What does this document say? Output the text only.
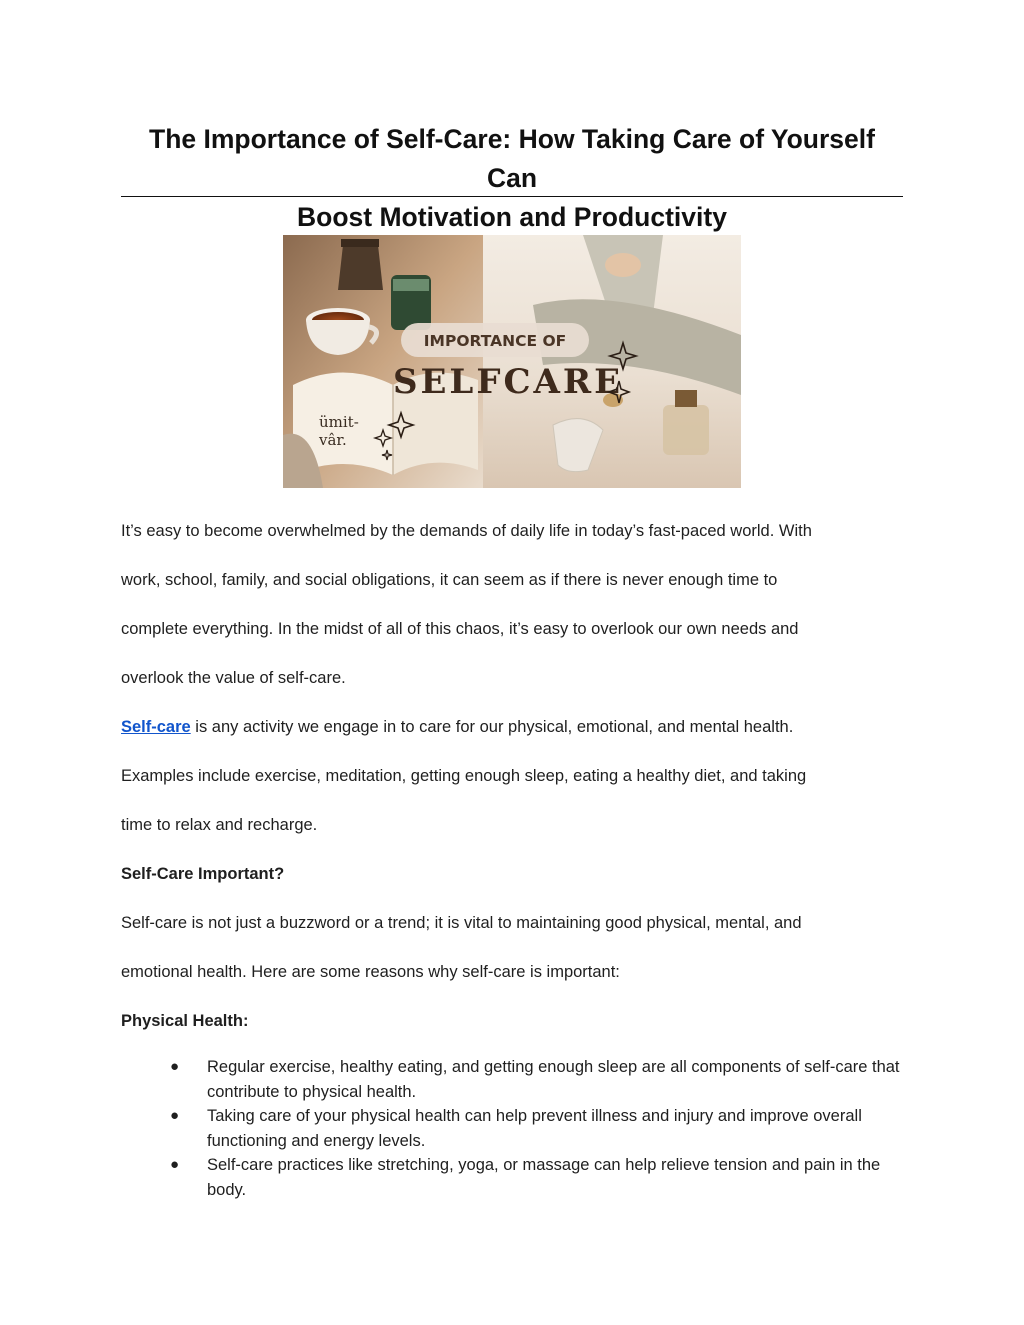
The Importance of Self-Care: How Taking Care of Yourself Can
Boost Motivation and Productivity
ümit-
vâr.
IMPORTANCE OF
SELFCARE
It’s easy to become overwhelmed by the demands of daily life in today’s fast-paced world. With
work, school, family, and social obligations, it can seem as if there is never enough time to
complete everything. In the midst of all of this chaos, it’s easy to overlook our own needs and
overlook the value of self-care.
Self-care is any activity we engage in to care for our physical, emotional, and mental health.
Examples include exercise, meditation, getting enough sleep, eating a healthy diet, and taking
time to relax and recharge.
Self-Care Important?
Self-care is not just a buzzword or a trend; it is vital to maintaining good physical, mental, and
emotional health. Here are some reasons why self-care is important:
Physical Health:
● Regular exercise, healthy eating, and getting enough sleep are all components of self-care that contribute to physical health.
● Taking care of your physical health can help prevent illness and injury and improve overall functioning and energy levels.
● Self-care practices like stretching, yoga, or massage can help relieve tension and pain in the body.
